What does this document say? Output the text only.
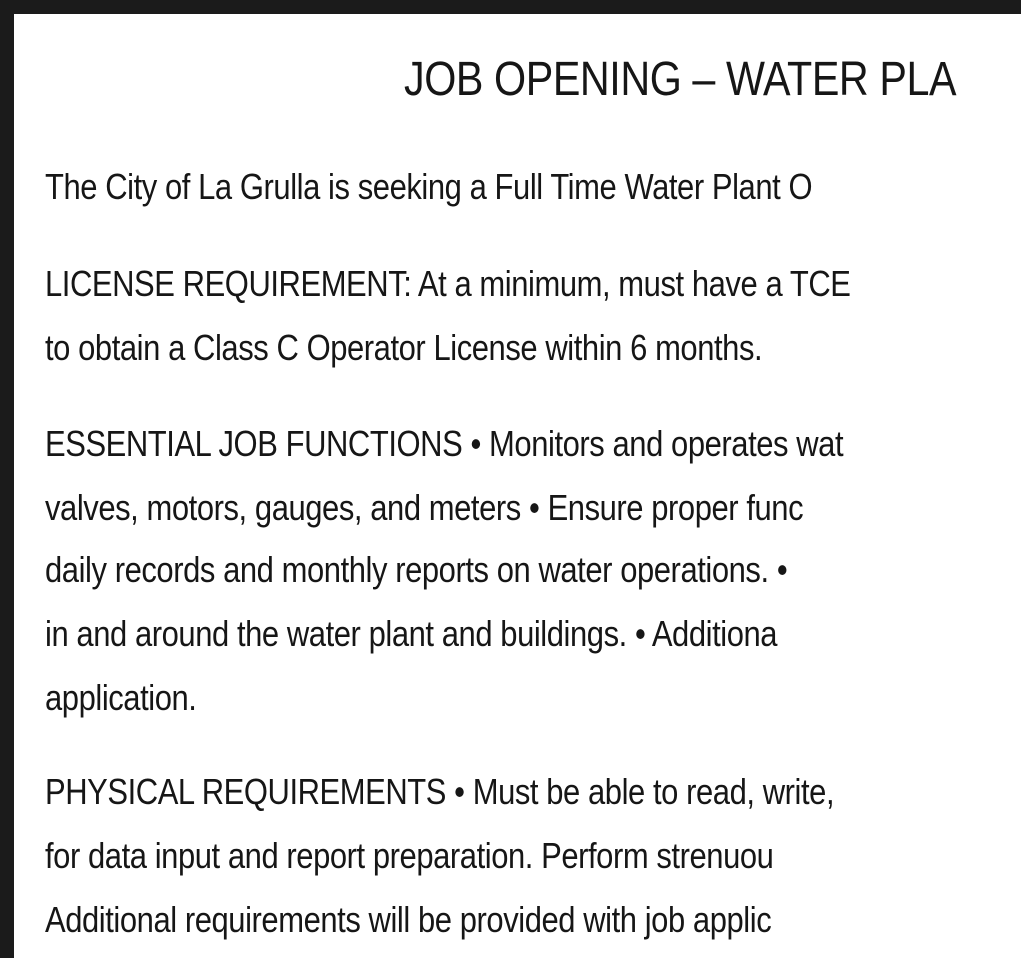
JOB OPENING – WATER PLA
The City of La Grulla is seeking a Full Time Water Plant O
LICENSE REQUIREMENT: At a minimum, must have a TCE
to obtain a Class C Operator License within 6 months.
ESSENTIAL JOB FUNCTIONS • Monitors and operates wat
valves, motors, gauges, and meters • Ensure proper func
daily records and monthly reports on water operations. •
in and around the water plant and buildings. • Additiona
application.
PHYSICAL REQUIREMENTS • Must be able to read, write,
for data input and report preparation. Perform strenuou
Additional requirements will be provided with job applic
